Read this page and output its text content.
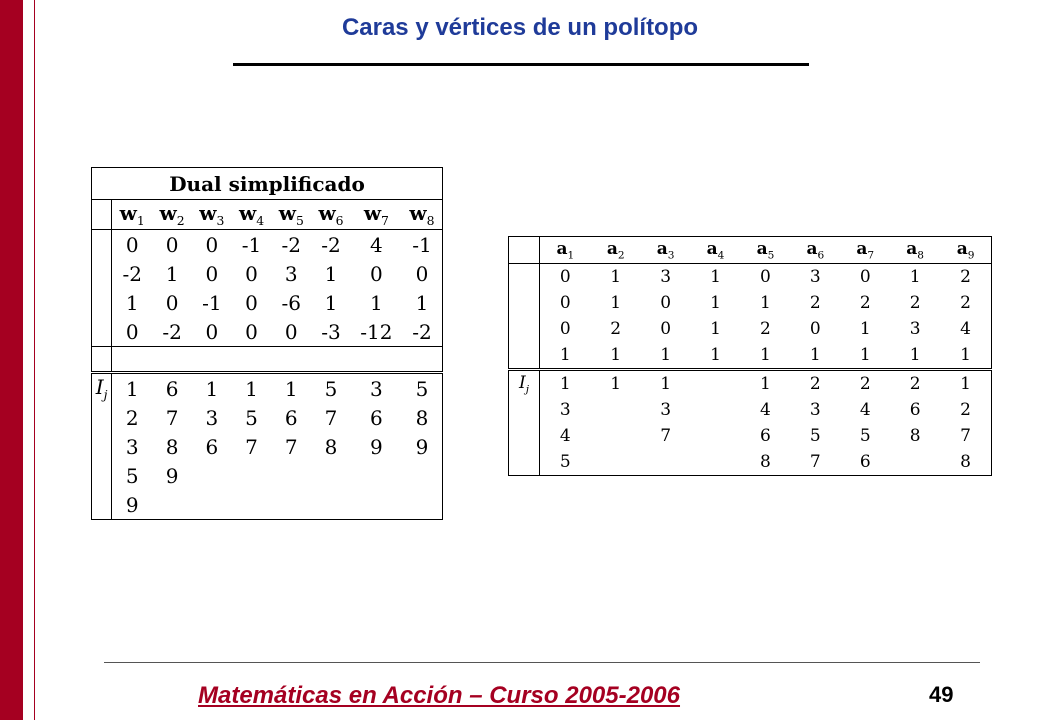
Caras y vértices de un polítopo
Dual simplificado								
	$w_1$	$w_2$	$w_3$	$w_4$	$w_5$	$w_6$	$w_7$	$w_8$
	0	0	0	-1	-2	-2	4	-1
	-2	1	0	0	3	1	0	0
	1	0	-1	0	-6	1	1	1
	0	-2	0	0	0	-3	-12	-2

$I_j$	1	6	1	1	1	5	3	5
	2	7	3	5	6	7	6	8
	3	8	6	7	7	8	9	9
	5	9						
	9							
	$a_1$	$a_2$	$a_3$	$a_4$	$a_5$	$a_6$	$a_7$	$a_8$	$a_9$
	0	1	3	1	0	3	0	1	2
	0	1	0	1	1	2	2	2	2
	0	2	0	1	2	0	1	3	4
	1	1	1	1	1	1	1	1	1
$I_j$	1	1	1		1	2	2	2	1
	3		3		4	3	4	6	2
	4		7		6	5	5	8	7
	5				8	7	6		8
Matemáticas en Acción – Curso 2005-2006	49
